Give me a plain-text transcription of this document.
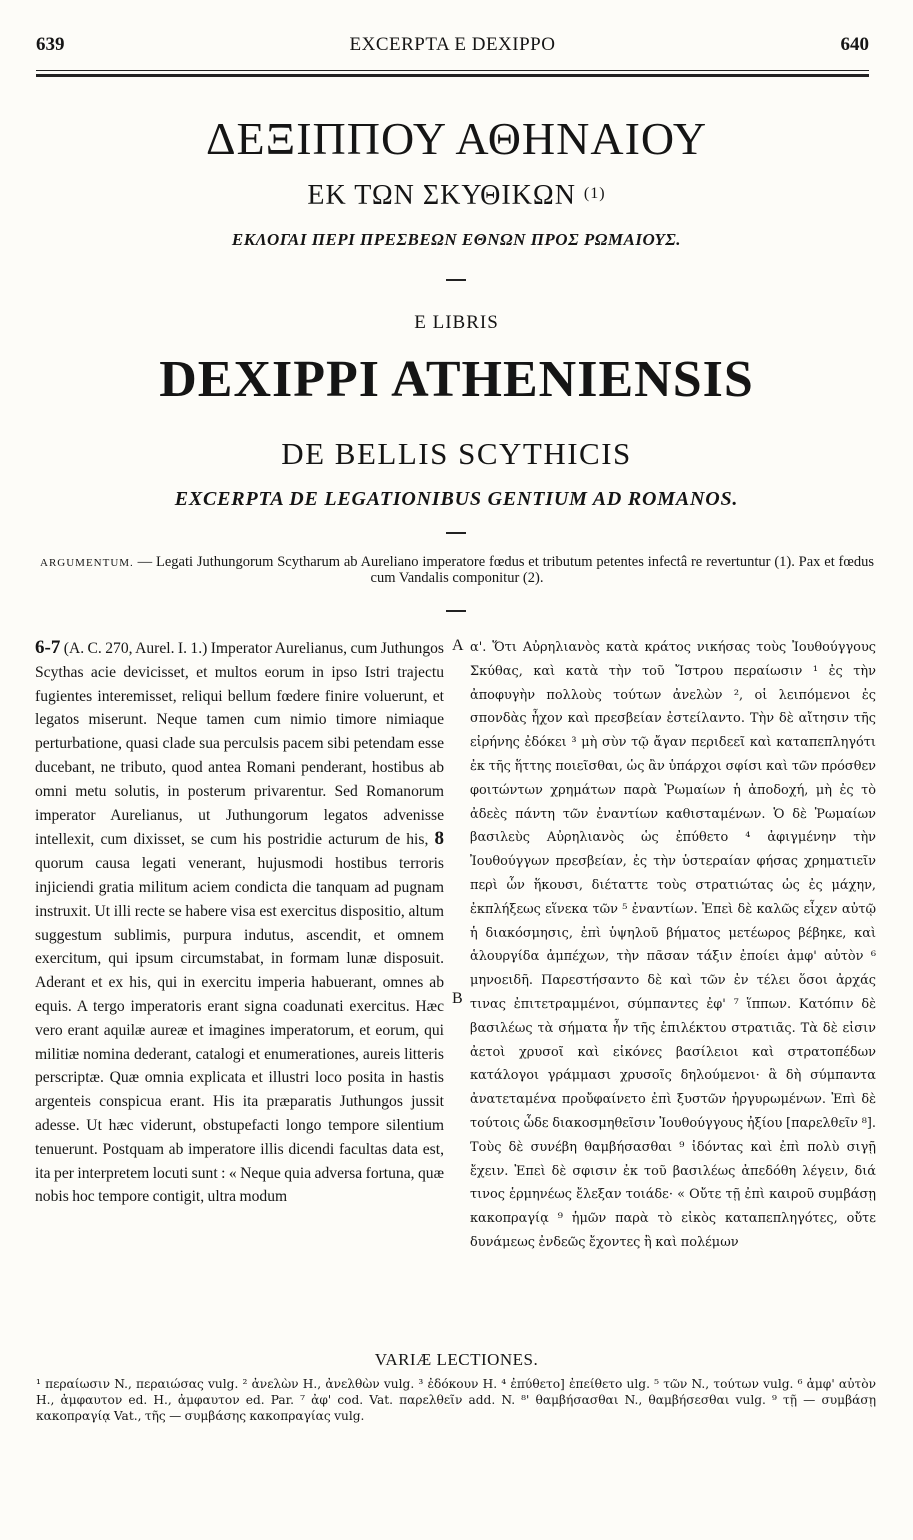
639	EXCERPTA E DEXIPPO	640
ΔΕΞΙΠΠΟΥ ΑΘΗΝΑΙΟΥ
ΕΚ ΤΩΝ ΣΚΥΘΙΚΩΝ $^{(1)}$
ΕΚΛΟΓΑΙ ΠΕΡΙ ΠΡΕΣΒΕΩΝ ΕΘΝΩΝ ΠΡΟΣ ΡΩΜΑΙΟΥΣ.
E LIBRIS
DEXIPPI ATHENIENSIS
DE BELLIS SCYTHICIS
EXCERPTA DE LEGATIONIBUS GENTIUM AD ROMANOS.
ARGUMENTUM. — Legati Juthungorum Scytharum ab Aureliano imperatore fœdus et tributum petentes infectâ re revertuntur (1). Pax et fœdus cum Vandalis componitur (2).
6-7 (A. C. 270, Aurel. I. 1.) Imperator Aurelianus, cum Juthungos Scythas acie devicisset, et multos eorum in ipso Istri trajectu fugientes interemisset, reliqui bellum fœdere finire voluerunt, et legatos miserunt. Neque tamen cum nimio timore nimiaque perturbatione, quasi clade sua perculsis pacem sibi petendam esse ducebant, ne tributo, quod antea Romani penderant, hostibus ab omni metu solutis, in posterum privarentur. Sed Romanorum imperator Aurelianus, ut Juthungorum legatos advenisse intellexit, cum dixisset, se cum his postridie acturum de his, 8 quorum causa legati venerant, hujusmodi hostibus terroris injiciendi gratia militum aciem condicta die tanquam ad pugnam instruxit. Ut illi recte se habere visa est exercitus dispositio, altum suggestum sublimis, purpura indutus, ascendit, et omnem exercitum, qui ipsum circumstabat, in formam lunæ disposuit. Aderant et ex his, qui in exercitu imperia habuerant, omnes ab equis. A tergo imperatoris erant signa coadunati exercitus. Hæc vero erant aquilæ aureæ et imagines imperatorum, et eorum, qui militiæ nomina dederant, catalogi et enumerationes, aureis litteris perscriptæ. Quæ omnia explicata et illustri loco posita in hastis argenteis conspicua erant. His ita præparatis Juthungos jussit adesse. Ut hæc viderunt, obstupefacti longo tempore silentium tenuerunt. Postquam ab imperatore illis dicendi facultas data est, ita per interpretem locuti sunt : « Neque quia adversa fortuna, quæ nobis hoc tempore contigit, ultra modum
A
B
α'. Ὅτι Αὐρηλιανὸς κατὰ κράτος νικήσας τοὺς Ἰουθούγγους Σκύθας, καὶ κατὰ τὴν τοῦ Ἴστρου περαίωσιν ¹ ἐς τὴν ἀποφυγὴν πολλοὺς τούτων ἀνελὼν ², οἱ λειπόμενοι ἐς σπονδὰς ἦχον καὶ πρεσβείαν ἐστείλαντο. Τὴν δὲ αἴτησιν τῆς εἰρήνης ἐδόκει ³ μὴ σὺν τῷ ἄγαν περιδεεῖ καὶ καταπεπληγότι ἐκ τῆς ἥττης ποιεῖσθαι, ὡς ἂν ὑπάρχοι σφίσι καὶ τῶν πρόσθεν φοιτώντων χρημάτων παρὰ Ῥωμαίων ἡ ἀποδοχή, μὴ ἐς τὸ ἀδεὲς πάντη τῶν ἐναντίων καθισταμένων. Ὁ δὲ Ῥωμαίων βασιλεὺς Αὐρηλιανὸς ὡς ἐπύθετο ⁴ ἀφιγμένην τὴν Ἰουθούγγων πρεσβείαν, ἐς τὴν ὑστεραίαν φήσας χρηματιεῖν περὶ ὧν ἥκουσι, διέταττε τοὺς στρατιώτας ὡς ἐς μάχην, ἐκπλήξεως εἵνεκα τῶν ⁵ ἐναντίων. Ἐπεὶ δὲ καλῶς εἶχεν αὐτῷ ἡ διακόσμησις, ἐπὶ ὑψηλοῦ βήματος μετέωρος βέβηκε, καὶ ἁλουργίδα ἀμπέχων, τὴν πᾶσαν τάξιν ἐποίει ἀμφ' αὐτὸν ⁶ μηνοειδῆ. Παρεστήσαντο δὲ καὶ τῶν ἐν τέλει ὅσοι ἀρχάς τινας ἐπιτετραμμένοι, σύμπαντες ἐφ' ⁷ ἵππων. Κατόπιν δὲ βασιλέως τὰ σήματα ἦν τῆς ἐπιλέκτου στρατιᾶς. Τὰ δὲ εἰσιν ἀετοὶ χρυσοῖ καὶ εἰκόνες βασίλειοι καὶ στρατοπέδων κατάλογοι γράμμασι χρυσοῖς δηλούμενοι· ἃ δὴ σύμπαντα ἀνατεταμένα προὔφαίνετο ἐπὶ ξυστῶν ἠργυρωμένων. Ἐπὶ δὲ τούτοις ὧδε διακοσμηθεῖσιν Ἰουθούγγους ἠξίου [παρελθεῖν ⁸]. Τοὺς δὲ συνέβη θαμβήσασθαι ⁹ ἰδόντας καὶ ἐπὶ πολὺ σιγῇ ἔχειν. Ἐπεὶ δὲ σφισιν ἐκ τοῦ βασιλέως ἀπεδόθη λέγειν, διά τινος ἑρμηνέως ἔλεξαν τοιάδε· « Οὔτε τῇ ἐπὶ καιροῦ συμβάσῃ κακοπραγίᾳ ⁹ ἡμῶν παρὰ τὸ εἰκὸς καταπεπληγότες, οὔτε δυνάμεως ἐνδεῶς ἔχοντες ἢ καὶ πολέμων
VARIÆ LECTIONES.
¹ περαίωσιν N., περαιώσας vulg. ² ἀνελὼν H., ἀνελθὼν vulg. ³ ἐδόκουν H. ⁴ ἐπύθετο] ἐπείθετο ulg. ⁵ τῶν N., τούτων vulg. ⁶ ἀμφ' αὐτὸν H., ἀμφαυτον ed. H., ἀμφαυτον ed. Par. ⁷ ἀφ' cod. Vat. παρελθεῖν add. N. ⁸' θαμβήσασθαι N., θαμβήσεσθαι vulg. ⁹ τῇ — συμβάσῃ κακοπραγίᾳ Vat., τῆς — συμβάσης κακοπραγίας vulg.
